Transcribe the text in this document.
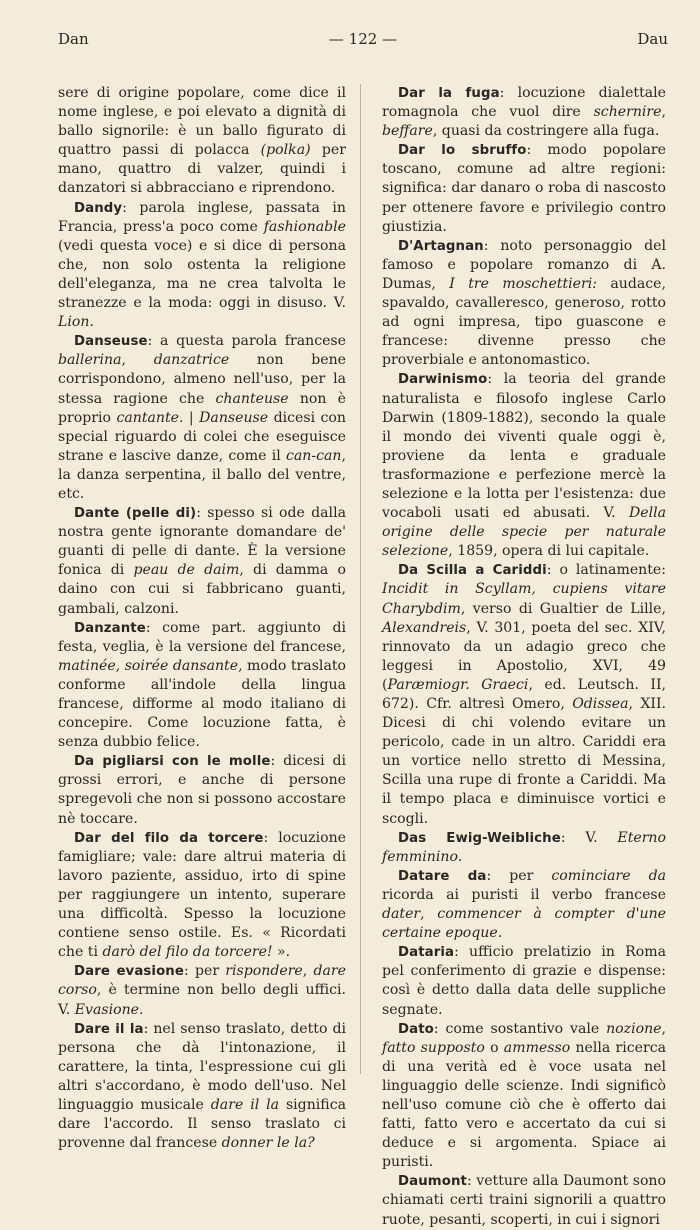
Dan	— 122 —	Dau

sere di origine popolare, come dice il nome inglese, e poi elevato a dignità di ballo signorile: è un ballo figurato di quattro passi di polacca (polka) per mano, quattro di valzer, quindi i danzatori si abbracciano e riprendono.

Dandy: parola inglese, passata in Francia, press'a poco come fashionable (vedi questa voce) e si dice di persona che, non solo ostenta la religione dell'eleganza, ma ne crea talvolta le stranezze e la moda: oggi in disuso. V. Lion.

Danseuse: a questa parola francese ballerina, danzatrice non bene corrispondono, almeno nell'uso, per la stessa ragione che chanteuse non è proprio cantante. | Danseuse dicesi con special riguardo di colei che eseguisce strane e lascive danze, come il can-can, la danza serpentina, il ballo del ventre, etc.

Dante (pelle di): spesso si ode dalla nostra gente ignorante domandare de' guanti di pelle di dante. È la versione fonica di peau de daim, di damma o daino con cui si fabbricano guanti, gambali, calzoni.

Danzante: come part. aggiunto di festa, veglia, è la versione del francese, matinée, soirée dansante, modo traslato conforme all'indole della lingua francese, difforme al modo italiano di concepire. Come locuzione fatta, è senza dubbio felice.

Da pigliarsi con le molle: dicesi di grossi errori, e anche di persone spregevoli che non si possono accostare nè toccare.

Dar del filo da torcere: locuzione famigliare; vale: dare altrui materia di lavoro paziente, assiduo, irto di spine per raggiungere un intento, superare una difficoltà. Spesso la locuzione contiene senso ostile. Es. « Ricordati che ti darò del filo da torcere! ».

Dare evasione: per rispondere, dare corso, è termine non bello degli uffici. V. Evasione.

Dare il la: nel senso traslato, detto di persona che dà l'intonazione, il carattere, la tinta, l'espressione cui gli altri s'accordano, è modo dell'uso. Nel linguaggio musicale dare il la significa dare l'accordo. Il senso traslato ci provenne dal francese donner le la?

Dar la fuga: locuzione dialettale romagnola che vuol dire schernire, beffare, quasi da costringere alla fuga.

Dar lo sbruffo: modo popolare toscano, comune ad altre regioni: significa: dar danaro o roba di nascosto per ottenere favore e privilegio contro giustizia.

D'Artagnan: noto personaggio del famoso e popolare romanzo di A. Dumas, I tre moschettieri: audace, spavaldo, cavalleresco, generoso, rotto ad ogni impresa, tipo guascone e francese: divenne presso che proverbiale e antonomastico.

Darwinismo: la teoria del grande naturalista e filosofo inglese Carlo Darwin (1809-1882), secondo la quale il mondo dei viventi quale oggi è, proviene da lenta e graduale trasformazione e perfezione mercè la selezione e la lotta per l'esistenza: due vocaboli usati ed abusati. V. Della origine delle specie per naturale selezione, 1859, opera di lui capitale.

Da Scilla a Cariddi: o latinamente: Incidit in Scyllam, cupiens vitare Charybdim, verso di Gualtier de Lille, Alexandreis, V. 301, poeta del sec. XIV, rinnovato da un adagio greco che leggesi in Apostolio, XVI, 49 (Paræmiogr. Graeci, ed. Leutsch. II, 672). Cfr. altresì Omero, Odissea, XII. Dicesi di chi volendo evitare un pericolo, cade in un altro. Cariddi era un vortice nello stretto di Messina, Scilla una rupe di fronte a Cariddi. Ma il tempo placa e diminuisce vortici e scogli.

Das Ewig-Weibliche: V. Eterno femminino.

Datare da: per cominciare da ricorda ai puristi il verbo francese dater, commencer à compter d'une certaine epoque.

Dataria: ufficio prelatizio in Roma pel conferimento di grazie e dispense: così è detto dalla data delle suppliche segnate.

Dato: come sostantivo vale nozione, fatto supposto o ammesso nella ricerca di una verità ed è voce usata nel linguaggio delle scienze. Indi significò nell'uso comune ciò che è offerto dai fatti, fatto vero e accertato da cui si deduce e si argomenta. Spiace ai puristi.

Daumont: vetture alla Daumont sono chiamati certi traini signorili a quattro ruote, pesanti, scoperti, in cui i signori
